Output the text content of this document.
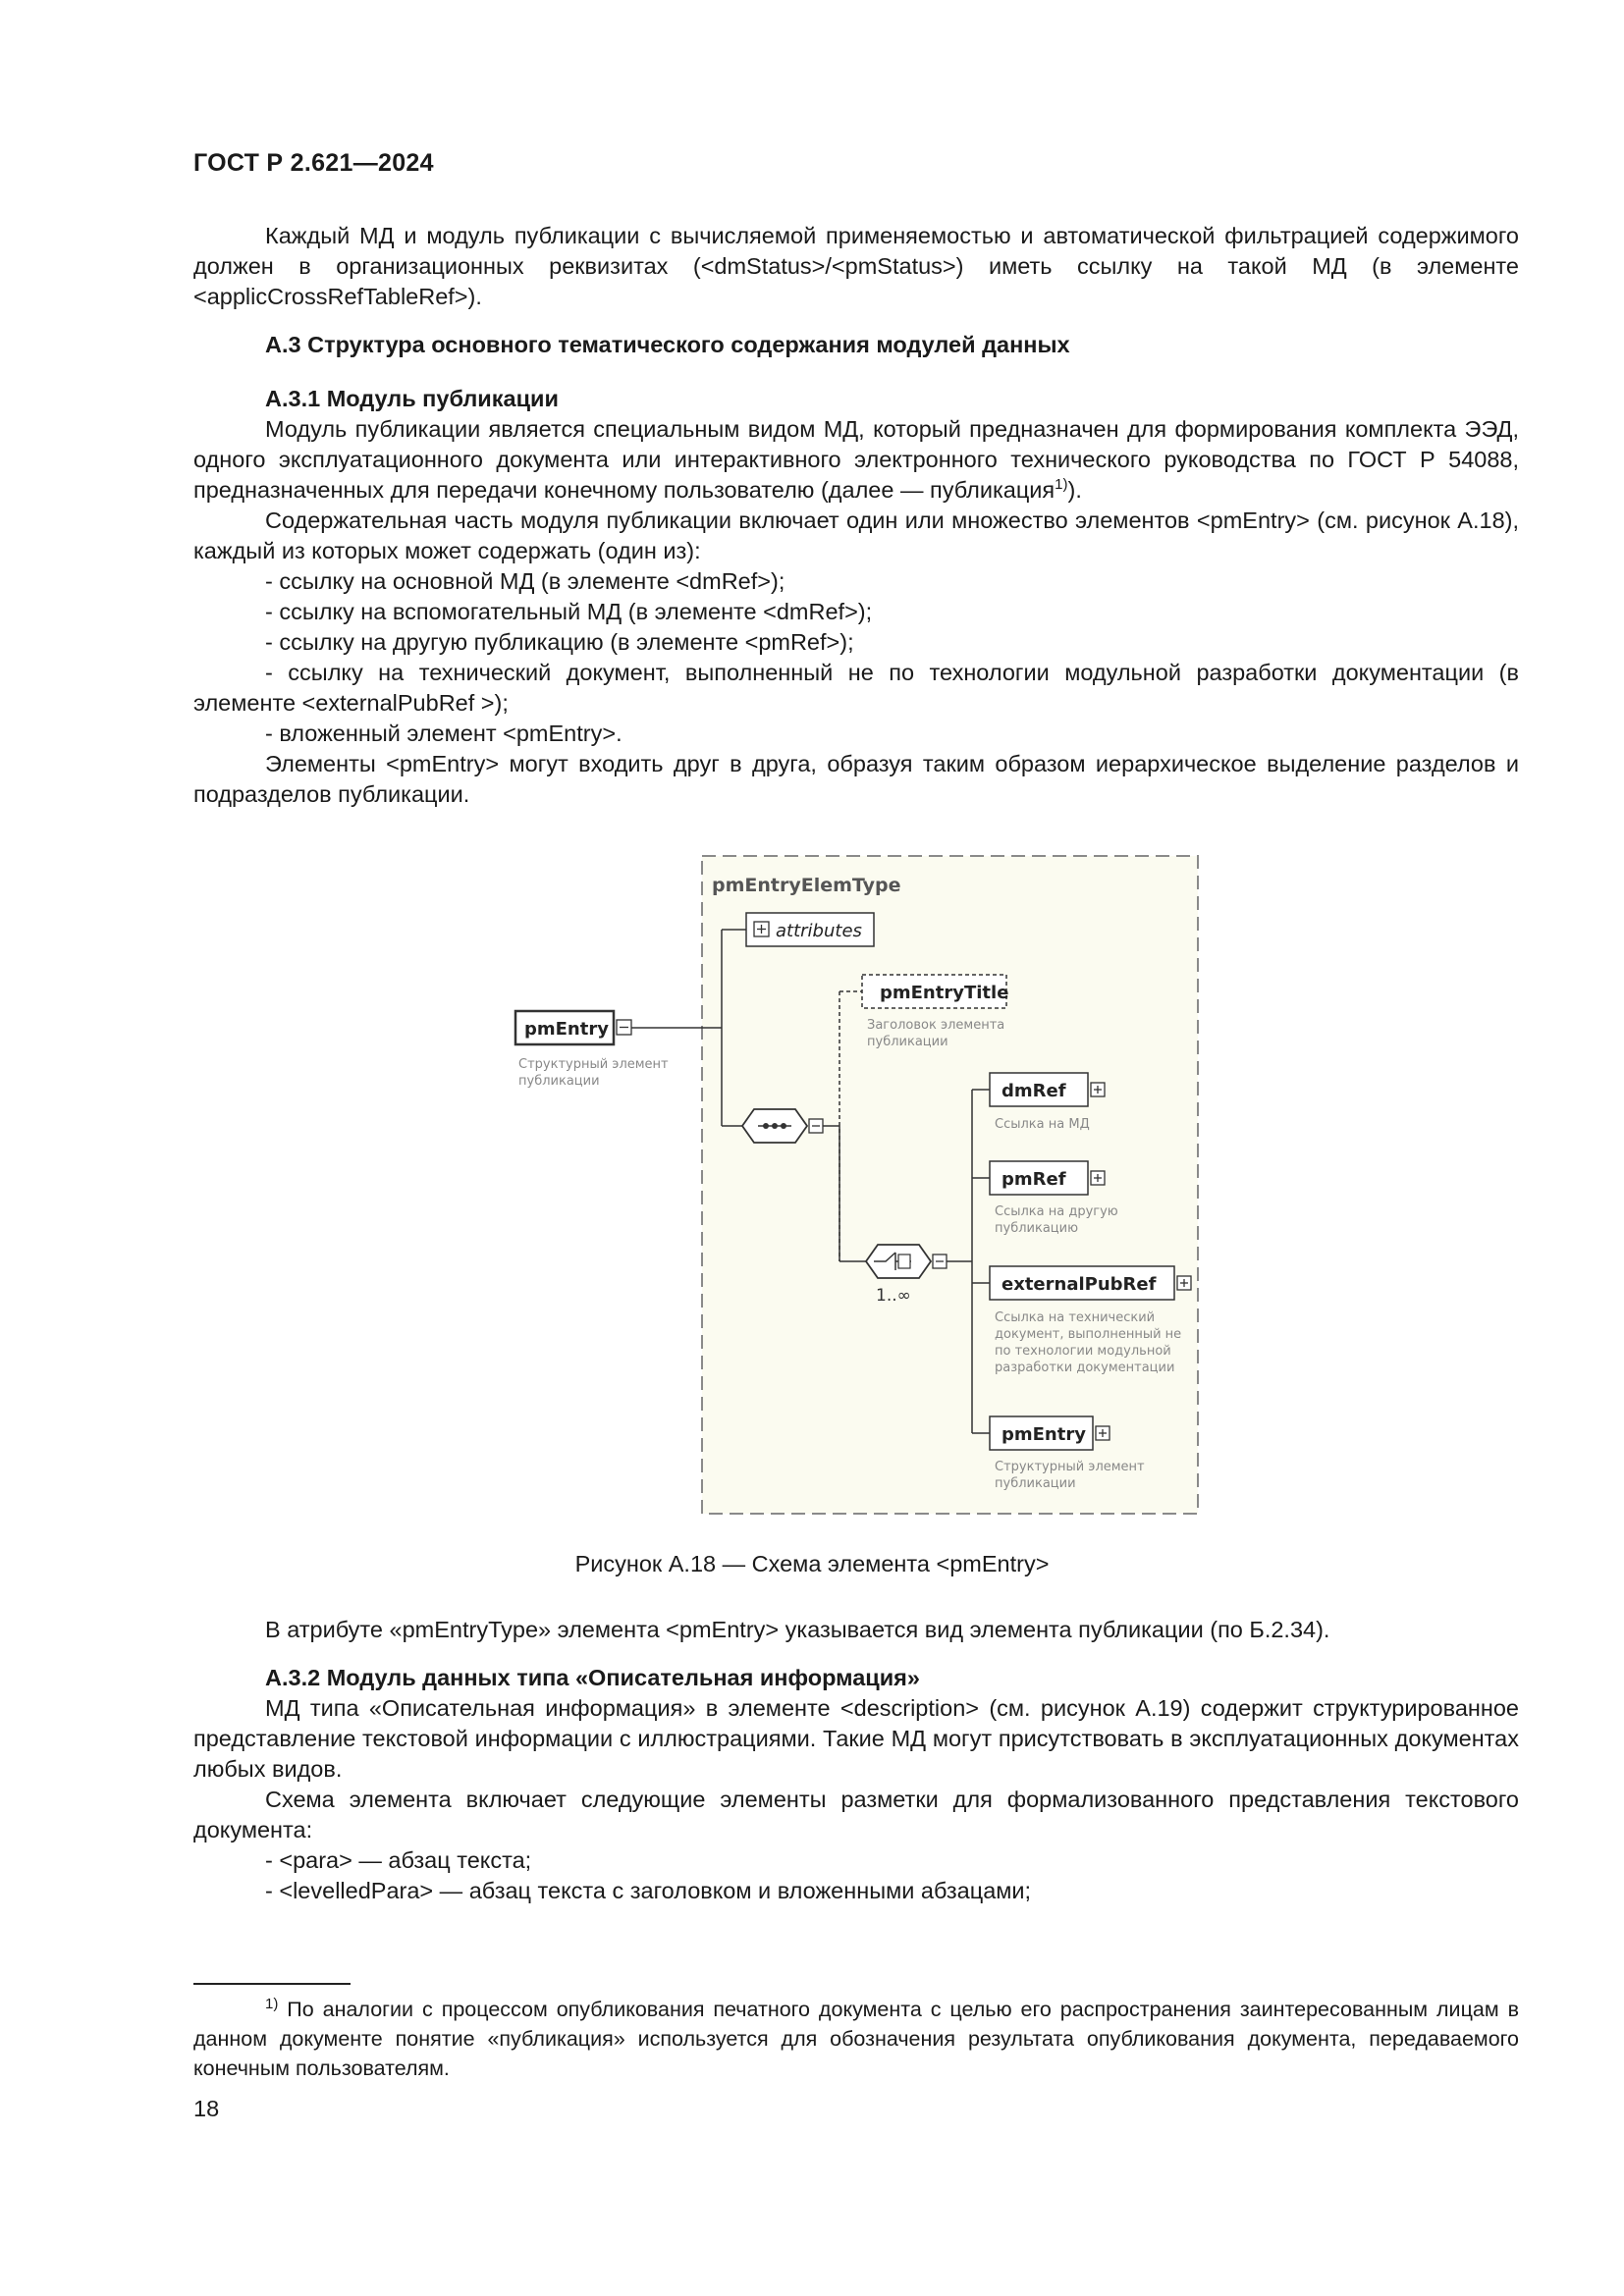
ГОСТ Р 2.621—2024

Каждый МД и модуль публикации с вычисляемой применяемостью и автоматической фильтрацией содержимого должен в организационных реквизитах (<dmStatus>/<pmStatus>) иметь ссылку на такой МД (в элементе <applicCrossRefTableRef>).

А.3 Структура основного тематического содержания модулей данных
А.3.1 Модуль публикации

Модуль публикации является специальным видом МД, который предназначен для формирования комплекта ЭЭД, одного эксплуатационного документа или интерактивного электронного технического руководства по ГОСТ Р 54088, предназначенных для передачи конечному пользователю (далее — публикация$^{1)}$).

Содержательная часть модуля публикации включает один или множество элементов <pmEntry> (см. рисунок А.18), каждый из которых может содержать (один из):

- ссылку на основной МД (в элементе <dmRef>);

- ссылку на вспомогательный МД (в элементе <dmRef>);

- ссылку на другую публикацию (в элементе <pmRef>);

- ссылку на технический документ, выполненный не по технологии модульной разработки документации (в элементе <externalPubRef >);

- вложенный элемент <pmEntry>.

Элементы <pmEntry> могут входить друг в друга, образуя таким образом иерархическое выделение разделов и подразделов публикации.

pmEntryElemType
attributes
pmEntry
Структурный элемент
публикации
pmEntryTitle
Заголовок элемента
публикации
1..∞
dmRef
Ссылка на МД
pmRef
Ссылка на другую
публикацию
externalPubRef
Ссылка на технический
документ, выполненный не
по технологии модульной
разработки документации
pmEntry
Структурный элемент
публикации
Рисунок А.18 — Схема элемента <pmEntry>

В атрибуте «pmEntryType» элемента <pmEntry> указывается вид элемента публикации (по Б.2.34).

А.3.2 Модуль данных типа «Описательная информация»

МД типа «Описательная информация» в элементе <description> (см. рисунок А.19) содержит структурированное представление текстовой информации с иллюстрациями. Такие МД могут присутствовать в эксплуатационных документах любых видов.

Схема элемента включает следующие элементы разметки для формализованного представления текстового документа:

- <para> — абзац текста;

- <levelledPara> — абзац текста с заголовком и вложенными абзацами;

$^{1)}$ По аналогии с процессом опубликования печатного документа с целью его распространения заинтересованным лицам в данном документе понятие «публикация» используется для обозначения результата опубликования документа, передаваемого конечным пользователям.
18
